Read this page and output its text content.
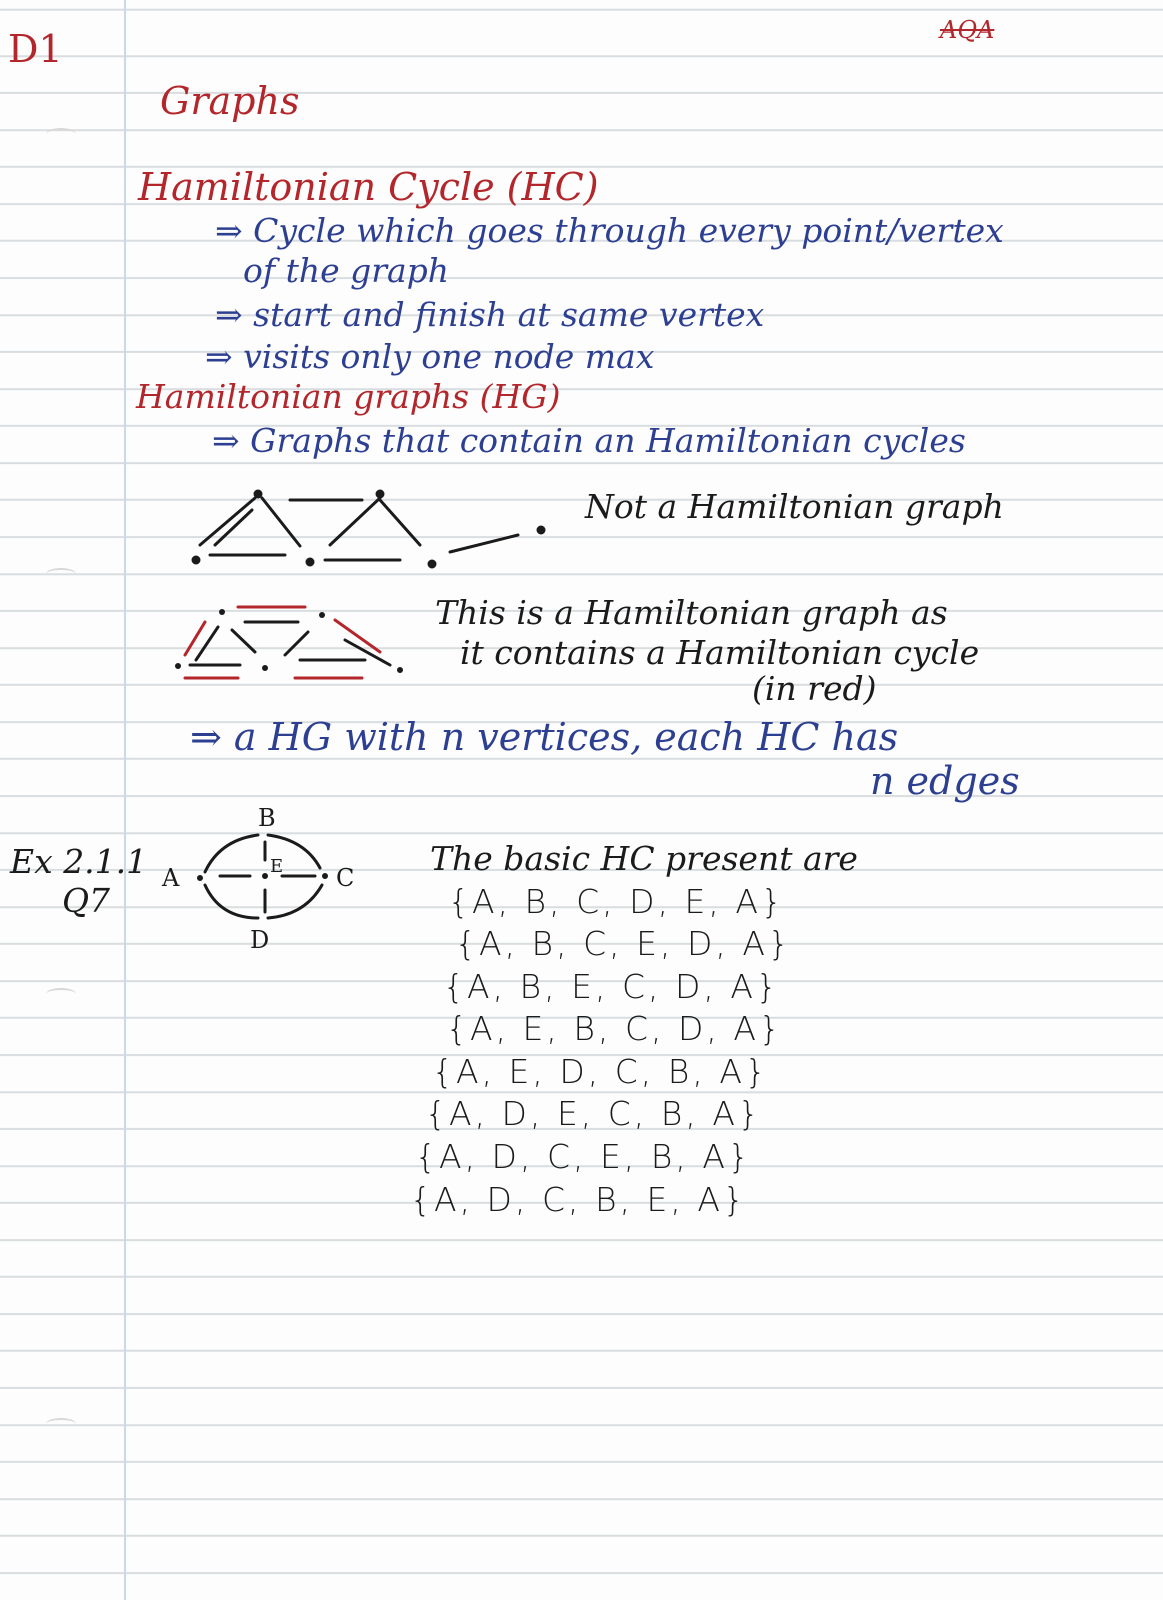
D1	AQA
Graphs
Hamiltonian Cycle (HC)
⇒ Cycle which goes through every point/vertex
of the graph
⇒ start and finish at same vertex
⇒ visits only one node max
Hamiltonian graphs (HG)
⇒ Graphs that contain an Hamiltonian cycles
Not a Hamiltonian graph
This is a Hamiltonian graph as
it contains a Hamiltonian cycle
(in red)
⇒ a HG with n vertices, each HC has
n edges
Ex 2.1.1
Q7
A
B
C
D
E	The basic HC present are
{A, B, C, D, E, A}
{A, B, C, E, D, A}
{A, B, E, C, D, A}
{A, E, B, C, D, A}
{A, E, D, C, B, A}
{A, D, E, C, B, A}
{A, D, C, E, B, A}
{A, D, C, B, E, A}
